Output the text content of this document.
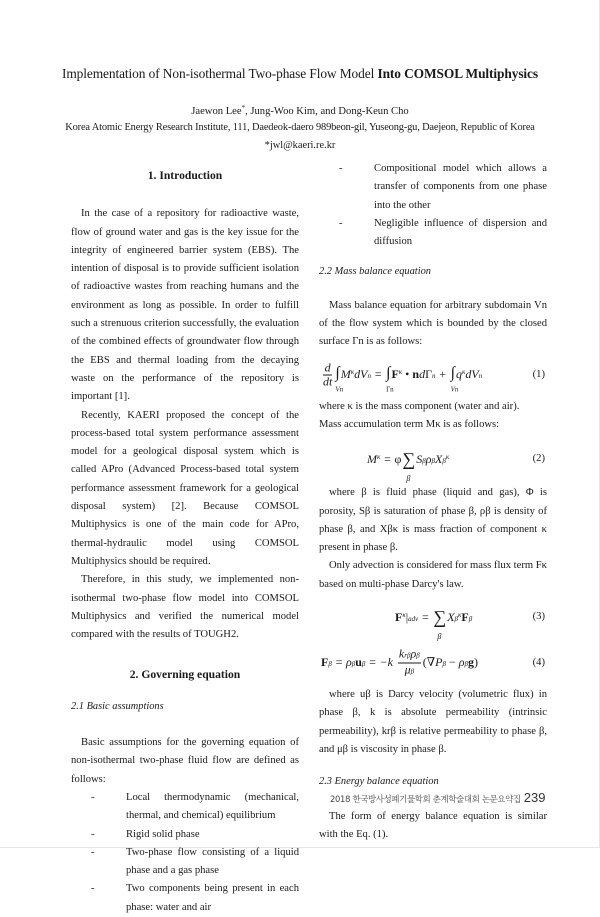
Implementation of Non-isothermal Two-phase Flow Model Into COMSOL Multiphysics
Jaewon Lee*, Jung-Woo Kim, and Dong-Keun Cho
Korea Atomic Energy Research Institute, 111, Daedeok-daero 989beon-gil, Yuseong-gu, Daejeon, Republic of Korea
*jwl@kaeri.re.kr
1. Introduction

In the case of a repository for radioactive waste, flow of ground water and gas is the key issue for the integrity of engineered barrier system (EBS). The intention of disposal is to provide sufficient isolation of radioactive wastes from reaching humans and the environment as long as possible. In order to fulfill such a strenuous criterion successfully, the evaluation of the combined effects of groundwater flow through the EBS and thermal loading from the decaying waste on the performance of the repository is important [1].

Recently, KAERI proposed the concept of the process-based total system performance assessment model for a geological disposal system which is called APro (Advanced Process-based total system performance assessment framework for a geological disposal system) [2]. Because COMSOL Multiphysics is one of the main code for APro, thermal-hydraulic model using COMSOL Multiphysics should be required.

Therefore, in this study, we implemented non-isothermal two-phase flow model into COMSOL Multiphysics and verified the numerical model compared with the results of TOUGH2.

2. Governing equation
2.1 Basic assumptions

Basic assumptions for the governing equation of non-isothermal two-phase fluid flow are defined as follows:

- Local thermodynamic (mechanical, thermal, and chemical) equilibrium
- Rigid solid phase
- Two-phase flow consisting of a liquid phase and a gas phase
- Two components being present in each phase: water and air
- Compositional model which allows a transfer of components from one phase into the other
- Negligible influence of dispersion and diffusion
2.2 Mass balance equation

Mass balance equation for arbitrary subdomain Vn of the flow system which is bounded by the closed surface Γn is as follows:

$\frac{d}{dt}$ ∫
Vn
$M^\kappa dVn$ = ∫
Γn
$F^\kappa$ • ndΓn + ∫
Vn
$q^\kappa dVn$	(1)

where κ is the mass component (water and air).

Mass accumulation term Mκ is as follows:

$M^\kappa = \varphi\sum$
β
SβρβXβ$^\kappa$	(2)

where β is fluid phase (liquid and gas), Φ is porosity, Sβ is saturation of phase β, ρβ is density of phase β, and Xβκ is mass fraction of component κ present in phase β.

Only advection is considered for mass flux term Fκ based on multi-phase Darcy's law.

$F^\kappa|adv$ = ∑
β
$X\beta^\kappa F\beta$	(3)
$F\beta = \rho\beta u\beta = -k \frac{\text{krβρβ}}{\mu\beta} (\nabla P\beta - \rho\beta g)$	(4)

where uβ is Darcy velocity (volumetric flux) in phase β, k is absolute permeability (intrinsic permeability), krβ is relative permeability to phase β, and μβ is viscosity in phase β.

2.3 Energy balance equation

The form of energy balance equation is similar with the Eq. (1).

2018 한국방사성폐기물학회 춘계학술대회 논문요약집 239
